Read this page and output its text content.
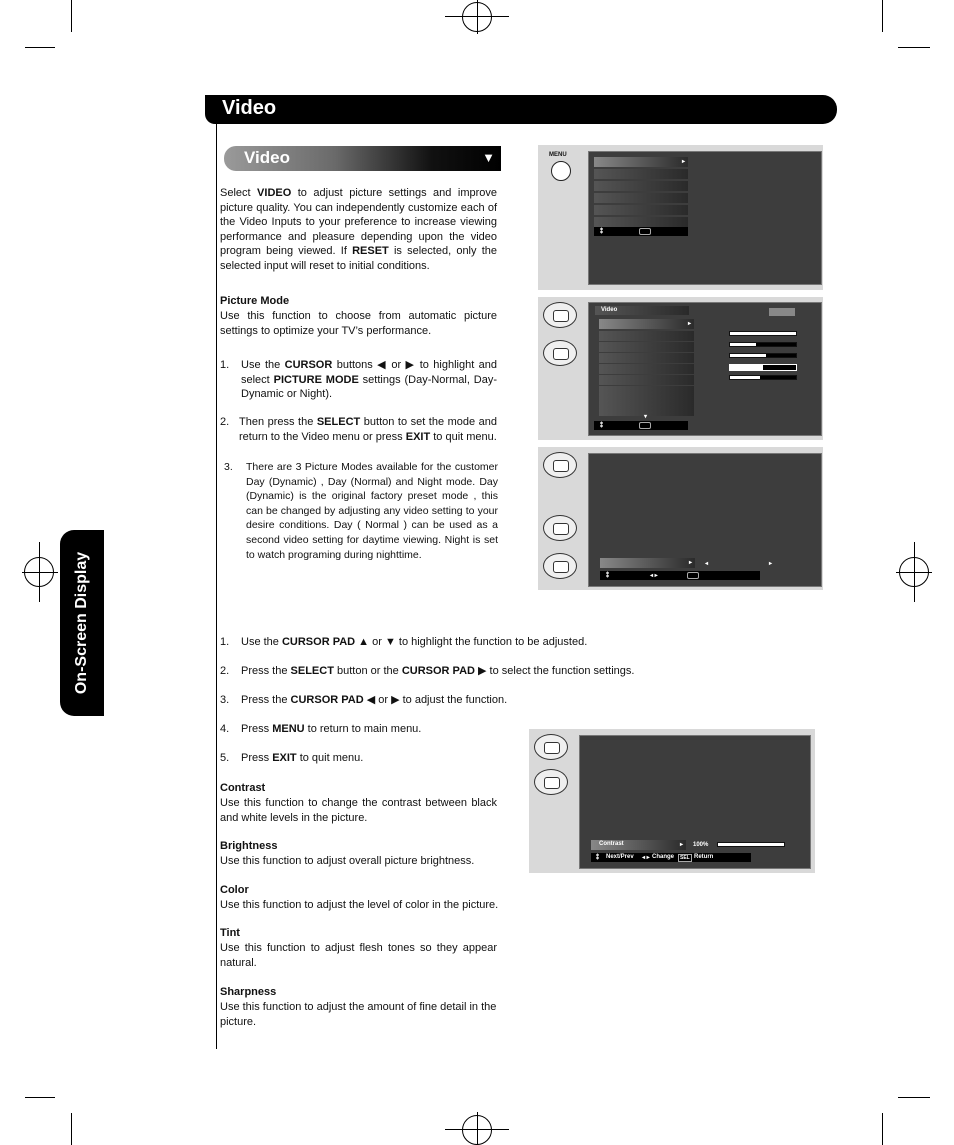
Video
On-Screen Display
Video	▼
Select VIDEO to adjust picture settings and improve picture quality. You can independently customize each of the Video Inputs to your preference to increase viewing performance and pleasure depending upon the video program being viewed. If RESET is selected, only the selected input will reset to initial conditions.
Picture Mode
Use this function to choose from automatic picture settings to optimize your TV’s performance.
1. Use the CURSOR buttons ◀ or ▶ to highlight and select PICTURE MODE settings (Day-Normal, Day-Dynamic or Night).
2. Then press the SELECT button to set the mode and return to the Video menu or press EXIT to quit menu.
3. There are 3 Picture Modes available for the customer Day (Dynamic) , Day (Normal) and Night mode. Day (Dynamic) is the original factory preset mode , this can be changed by adjusting any video setting to your desire conditions. Day ( Normal ) can be used as a second video setting for daytime viewing. Night is set to watch programing during nighttime.
1. Use the CURSOR PAD ▲ or ▼ to highlight the function to be adjusted.
2. Press the SELECT button or the CURSOR PAD ▶ to select the function settings.
3. Press the CURSOR PAD ◀ or ▶ to adjust the function.
4. Press MENU to return to main menu.
5. Press EXIT to quit menu.
Contrast
Use this function to change the contrast between black and white levels in the picture.
Brightness
Use this function to adjust overall picture brightness.
Color
Use this function to adjust the level of color in the picture.
Tint
Use this function to adjust flesh tones so they appear natural.
Sharpness
Use this function to adjust the amount of fine detail in the picture.
MENU
▸
⁑
Video
▸
▾
⁑
▸ ◂	▸
⁑	◂ ▸
Contrast	▸ 100%
⁑ Next/Prev ◂ ▸ Change	SEL Return
